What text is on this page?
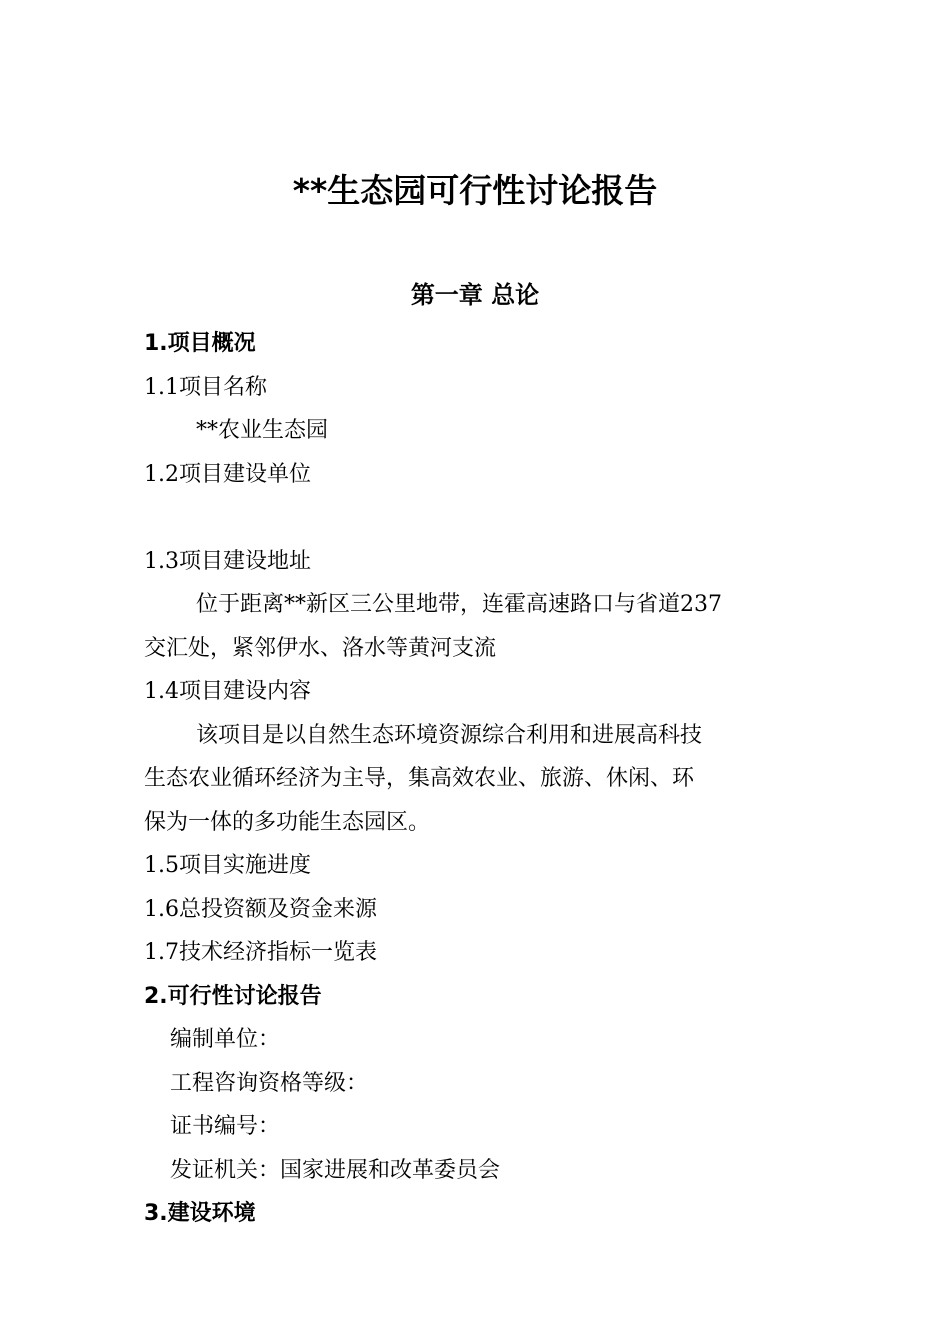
**生态园可行性讨论报告
第一章 总论
1.项目概况
1.1项目名称
**农业生态园
1.2项目建设单位
1.3项目建设地址
位于距离**新区三公里地带，连霍高速路口与省道237
交汇处，紧邻伊水、洛水等黄河支流
1.4项目建设内容
该项目是以自然生态环境资源综合利用和进展高科技
生态农业循环经济为主导，集高效农业、旅游、休闲、环
保为一体的多功能生态园区。
1.5项目实施进度
1.6总投资额及资金来源
1.7技术经济指标一览表
2.可行性讨论报告
编制单位：
工程咨询资格等级：
证书编号：
发证机关：国家进展和改革委员会
3.建设环境
